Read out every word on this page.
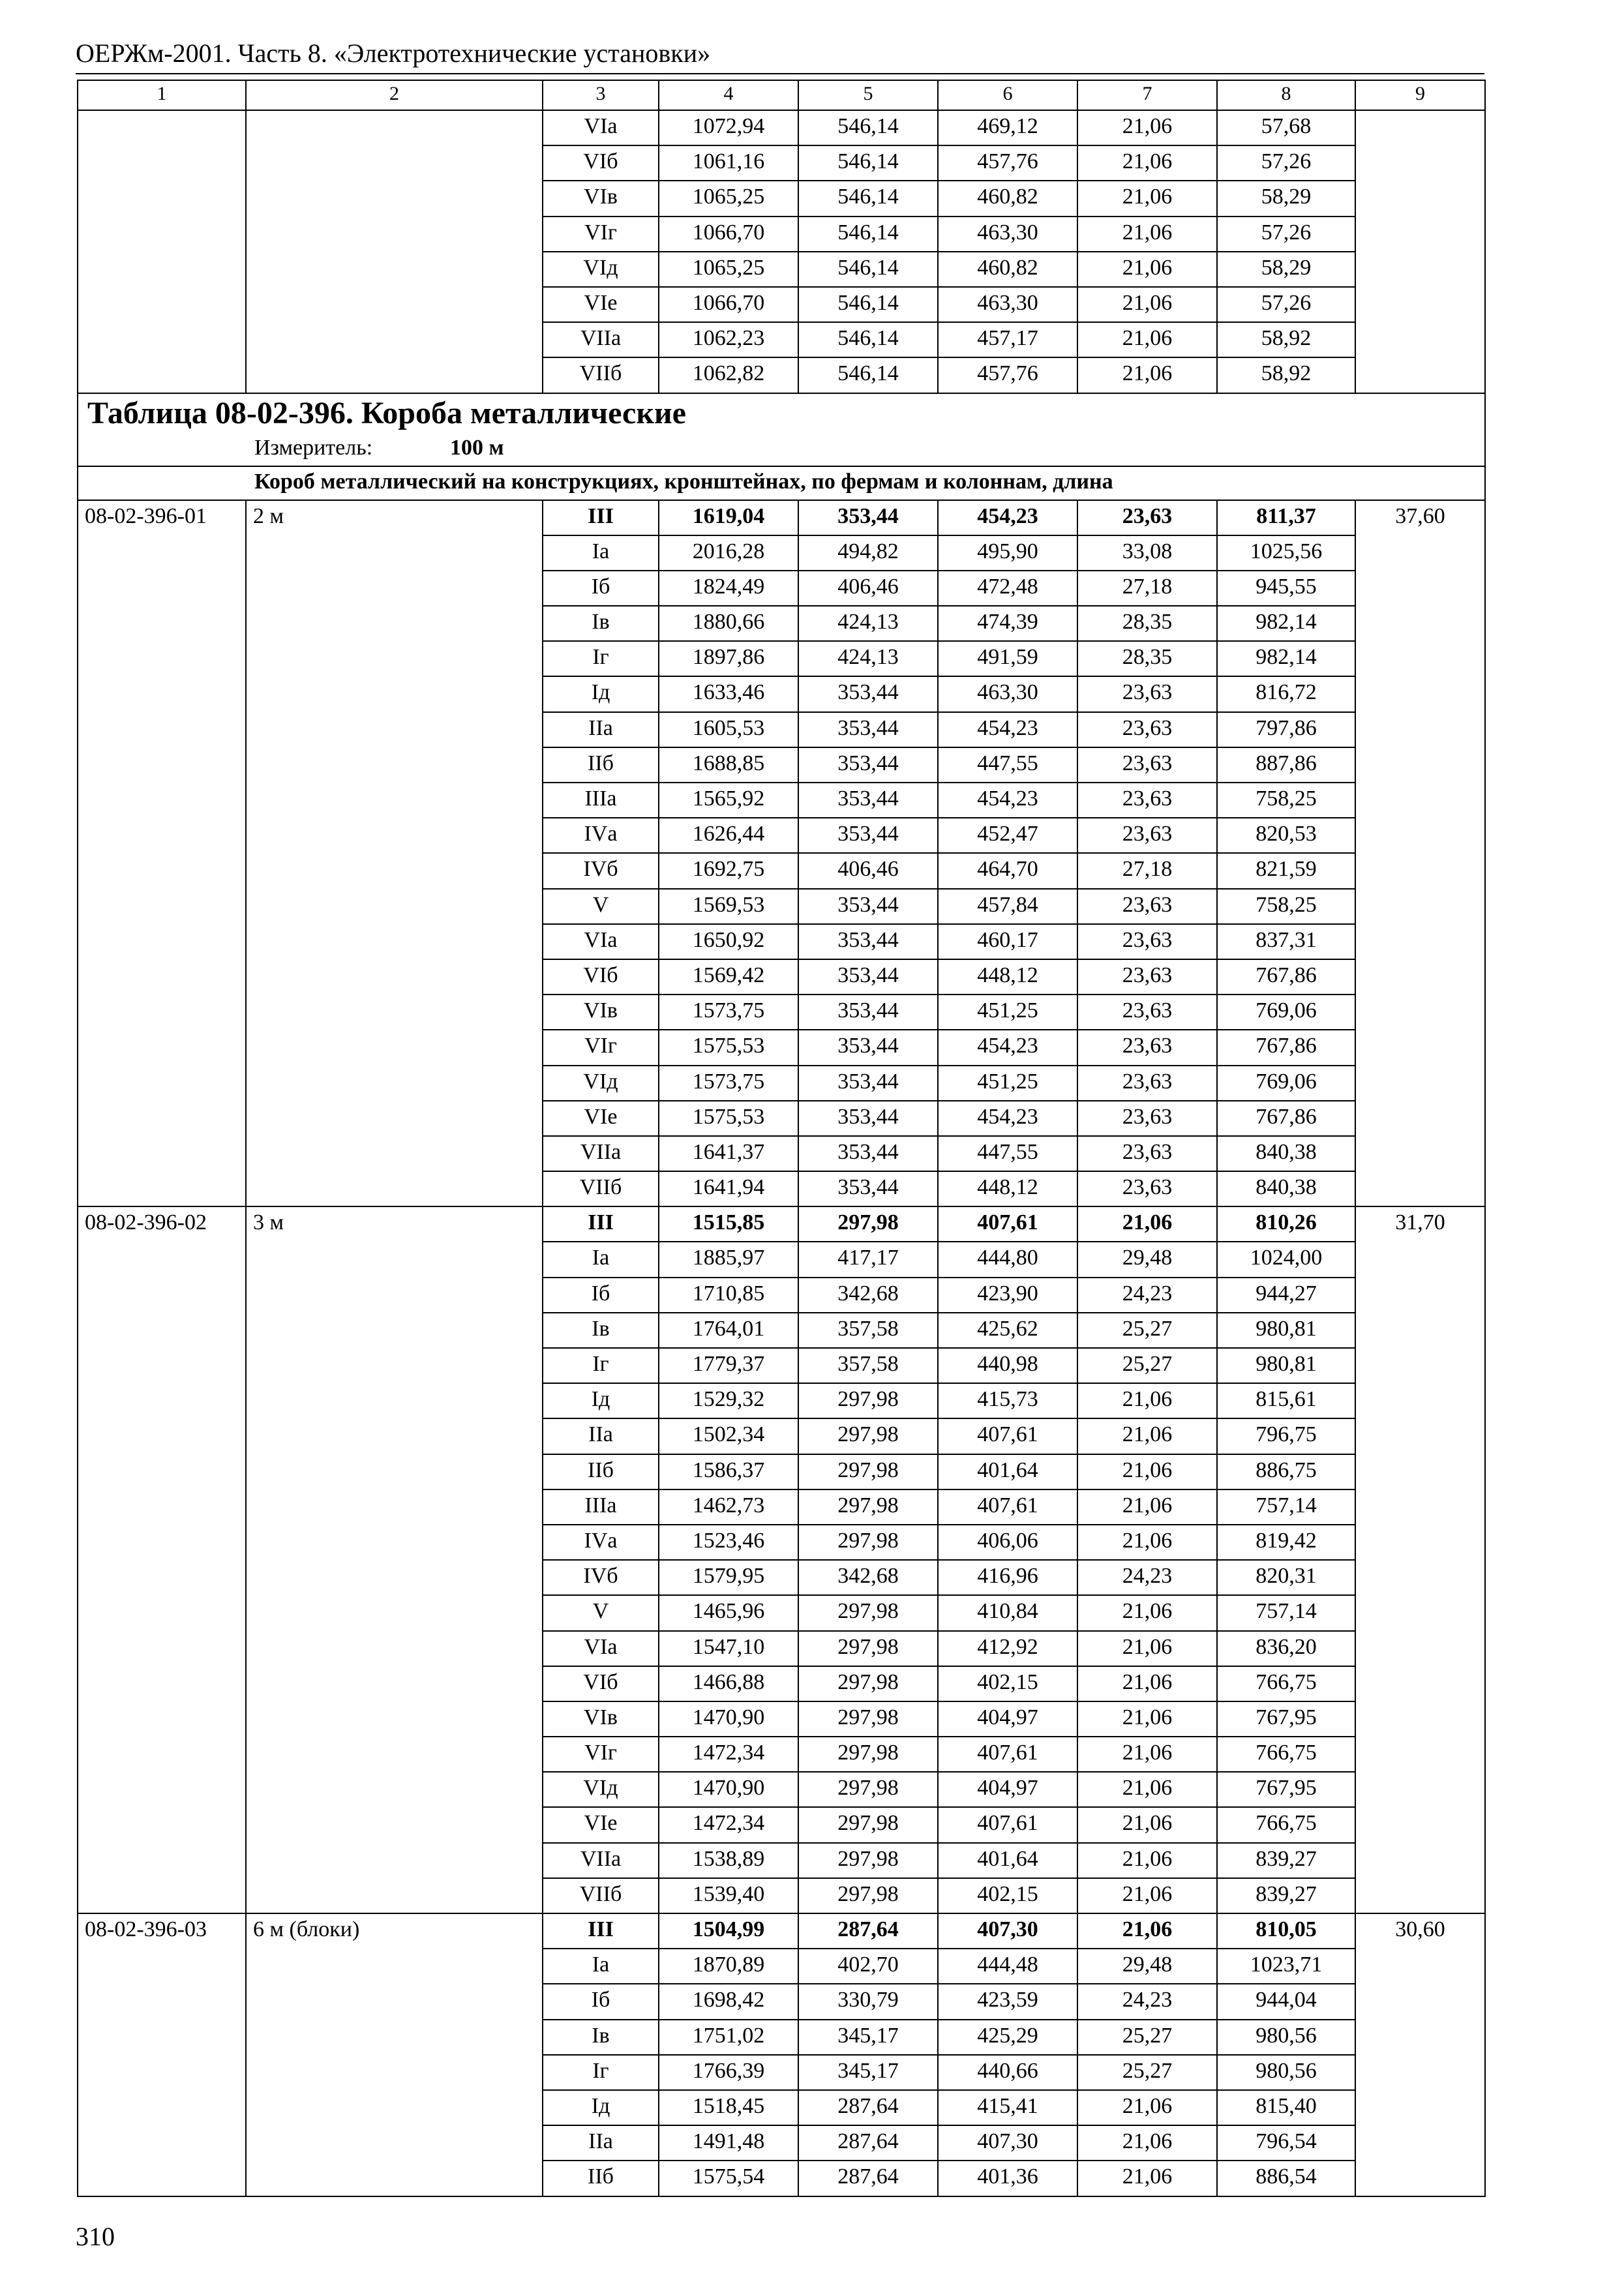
ОЕРЖм-2001. Часть 8. «Электротехнические установки»
1	2	3	4	5	6	7	8	9
		VIа	1072,94	546,14	469,12	21,06	57,68	
		VIб	1061,16	546,14	457,76	21,06	57,26	
		VIв	1065,25	546,14	460,82	21,06	58,29	
		VIг	1066,70	546,14	463,30	21,06	57,26	
		VIд	1065,25	546,14	460,82	21,06	58,29	
		VIе	1066,70	546,14	463,30	21,06	57,26	
		VIIа	1062,23	546,14	457,17	21,06	58,92	
		VIIб	1062,82	546,14	457,76	21,06	58,92	
Таблица 08-02-396. Короба металлические								
Измеритель: 100 м								
Короб металлический на конструкциях, кронштейнах, по фермам и колоннам, длина								
08-02-396-01	2 м	III	1619,04	353,44	454,23	23,63	811,37	37,60
		Iа	2016,28	494,82	495,90	33,08	1025,56	
		Iб	1824,49	406,46	472,48	27,18	945,55	
		Iв	1880,66	424,13	474,39	28,35	982,14	
		Iг	1897,86	424,13	491,59	28,35	982,14	
		Iд	1633,46	353,44	463,30	23,63	816,72	
		IIа	1605,53	353,44	454,23	23,63	797,86	
		IIб	1688,85	353,44	447,55	23,63	887,86	
		IIIа	1565,92	353,44	454,23	23,63	758,25	
		IVа	1626,44	353,44	452,47	23,63	820,53	
		IVб	1692,75	406,46	464,70	27,18	821,59	
		V	1569,53	353,44	457,84	23,63	758,25	
		VIа	1650,92	353,44	460,17	23,63	837,31	
		VIб	1569,42	353,44	448,12	23,63	767,86	
		VIв	1573,75	353,44	451,25	23,63	769,06	
		VIг	1575,53	353,44	454,23	23,63	767,86	
		VIд	1573,75	353,44	451,25	23,63	769,06	
		VIе	1575,53	353,44	454,23	23,63	767,86	
		VIIа	1641,37	353,44	447,55	23,63	840,38	
		VIIб	1641,94	353,44	448,12	23,63	840,38	
08-02-396-02	3 м	III	1515,85	297,98	407,61	21,06	810,26	31,70
		Iа	1885,97	417,17	444,80	29,48	1024,00	
		Iб	1710,85	342,68	423,90	24,23	944,27	
		Iв	1764,01	357,58	425,62	25,27	980,81	
		Iг	1779,37	357,58	440,98	25,27	980,81	
		Iд	1529,32	297,98	415,73	21,06	815,61	
		IIа	1502,34	297,98	407,61	21,06	796,75	
		IIб	1586,37	297,98	401,64	21,06	886,75	
		IIIа	1462,73	297,98	407,61	21,06	757,14	
		IVа	1523,46	297,98	406,06	21,06	819,42	
		IVб	1579,95	342,68	416,96	24,23	820,31	
		V	1465,96	297,98	410,84	21,06	757,14	
		VIа	1547,10	297,98	412,92	21,06	836,20	
		VIб	1466,88	297,98	402,15	21,06	766,75	
		VIв	1470,90	297,98	404,97	21,06	767,95	
		VIг	1472,34	297,98	407,61	21,06	766,75	
		VIд	1470,90	297,98	404,97	21,06	767,95	
		VIе	1472,34	297,98	407,61	21,06	766,75	
		VIIа	1538,89	297,98	401,64	21,06	839,27	
		VIIб	1539,40	297,98	402,15	21,06	839,27	
08-02-396-03	6 м (блоки)	III	1504,99	287,64	407,30	21,06	810,05	30,60
		Iа	1870,89	402,70	444,48	29,48	1023,71	
		Iб	1698,42	330,79	423,59	24,23	944,04	
		Iв	1751,02	345,17	425,29	25,27	980,56	
		Iг	1766,39	345,17	440,66	25,27	980,56	
		Iд	1518,45	287,64	415,41	21,06	815,40	
		IIа	1491,48	287,64	407,30	21,06	796,54	
		IIб	1575,54	287,64	401,36	21,06	886,54	
310
